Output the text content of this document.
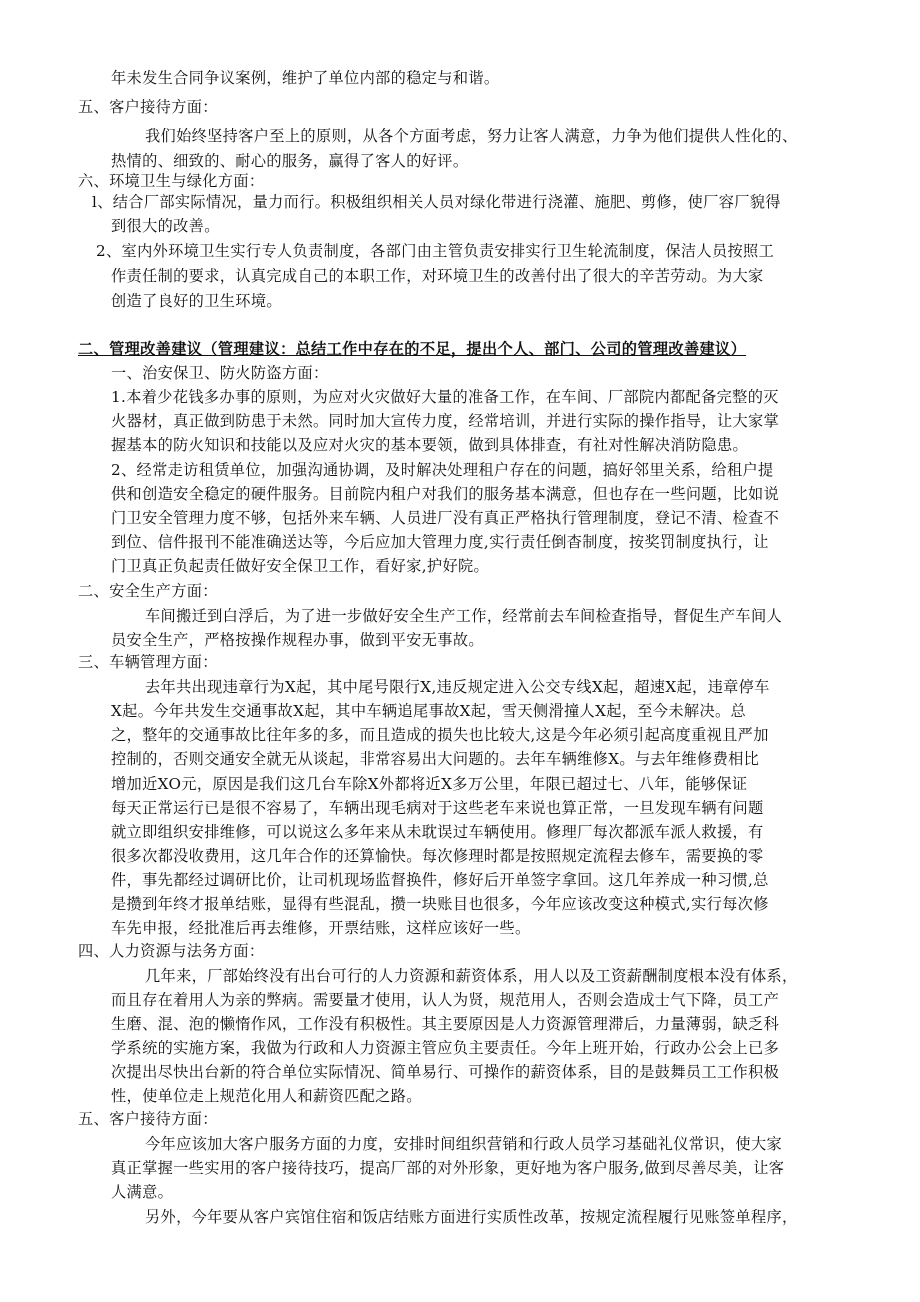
年未发生合同争议案例，维护了单位内部的稳定与和谐。
五、客户接待方面：
我们始终坚持客户至上的原则，从各个方面考虑，努力让客人满意，力争为他们提供人性化的、
热情的、细致的、耐心的服务，赢得了客人的好评。
六、环境卫生与绿化方面：
l、结合厂部实际情况，量力而行。积极组织相关人员对绿化带进行浇灌、施肥、剪修，使厂容厂貌得
到很大的改善。
2、室内外环境卫生实行专人负责制度，各部门由主管负责安排实行卫生轮流制度，保洁人员按照工
作责任制的要求，认真完成自己的本职工作，对环境卫生的改善付出了很大的辛苦劳动。为大家
创造了良好的卫生环境。
二、管理改善建议（管理建议：总结工作中存在的不足，提出个人、部门、公司的管理改善建议）
一、治安保卫、防火防盗方面：
1.本着少花钱多办事的原则，为应对火灾做好大量的准备工作，在车间、厂部院内都配备完整的灭
火器材，真正做到防患于未然。同时加大宣传力度，经常培训，并进行实际的操作指导，让大家掌
握基本的防火知识和技能以及应对火灾的基本要领，做到具体排查，有社对性解决消防隐患。
2、经常走访租赁单位，加强沟通协调，及时解决处理租户存在的问题，搞好邻里关系，给租户提
供和创造安全稳定的硬件服务。目前院内租户对我们的服务基本满意，但也存在一些问题，比如说
门卫安全管理力度不够，包括外来车辆、人员进厂没有真正严格执行管理制度，登记不清、检查不
到位、信件报刊不能准确送达等，今后应加大管理力度,实行责任倒杳制度，按奖罚制度执行，让
门卫真正负起责任做好安全保卫工作，看好家,护好院。
二、安全生产方面：
车间搬迁到白浮后，为了进一步做好安全生产工作，经常前去车间检查指导，督促生产车间人
员安全生产，严格按操作规程办事，做到平安无事故。
三、车辆管理方面：
去年共出现违章行为X起，其中尾号限行X,违反规定进入公交专线X起，超速X起，违章停车
X起。今年共发生交通事故X起，其中车辆追尾事故X起，雪天侧滑撞人X起，至今未解决。总
之，整年的交通事故比往年多的多，而且造成的损失也比较大,这是今年必须引起高度重视且严加
控制的，否则交通安全就无从谈起，非常容易出大问题的。去年车辆维修X。与去年维修费相比
增加近XO元，原因是我们这几台车除X外都将近X多万公里，年限已超过七、八年，能够保证
每天正常运行已是很不容易了，车辆出现毛病对于这些老车来说也算正常，一旦发现车辆有问题
就立即组织安排维修，可以说这么多年来从未耽误过车辆使用。修理厂每次都派车派人救援，有
很多次都没收费用，这几年合作的还算愉快。每次修理时都是按照规定流程去修车，需要换的零
件，事先都经过调研比价，让司机现场监督换件，修好后开单签字拿回。这几年养成一种习惯,总
是攒到年终才报单结账，显得有些混乱，攒一块账目也很多，今年应该改变这种模式,实行每次修
车先申报，经批准后再去维修，开票结账，这样应该好一些。
四、人力资源与法务方面：
几年来，厂部始终没有出台可行的人力资源和薪资体系，用人以及工资薪酬制度根本没有体系，
而且存在着用人为亲的弊病。需要量才使用，认人为贤，规范用人，否则会造成士气下降，员工产
生磨、混、泡的懒惰作风，工作没有积极性。其主要原因是人力资源管理滞后，力量薄弱，缺乏科
学系统的实施方案，我做为行政和人力资源主管应负主要责任。今年上班开始，行政办公会上已多
次提出尽快出台新的符合单位实际情况、简单易行、可操作的薪资体系，目的是鼓舞员工工作积极
性，使单位走上规范化用人和薪资匹配之路。
五、客户接待方面：
今年应该加大客户服务方面的力度，安排时间组织营销和行政人员学习基础礼仪常识，使大家
真正掌握一些实用的客户接待技巧，提高厂部的对外形象，更好地为客户服务,做到尽善尽美，让客
人满意。
另外，今年要从客户宾馆住宿和饭店结账方面进行实质性改革，按规定流程履行见账签单程序，
